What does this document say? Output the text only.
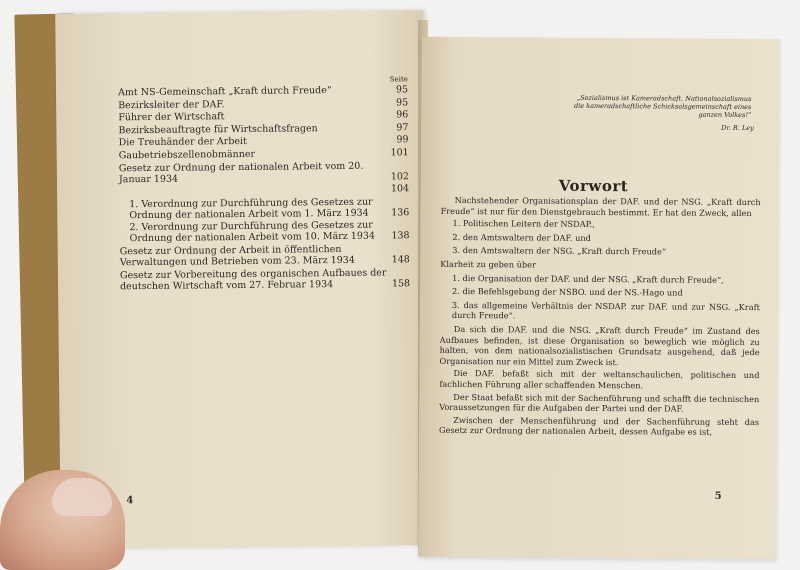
Seite
Amt NS-Gemeinschaft „Kraft durch Freude“	95
Bezirksleiter der DAF.	95
Führer der Wirtschaft	96
Bezirksbeauftragte für Wirtschaftsfragen	97
Die Treuhänder der Arbeit	99
Gaubetriebszellenobmänner	101
Gesetz zur Ordnung der nationalen Arbeit vom 20. Januar 1934	102
104
1. Verordnung zur Durchführung des Gesetzes zur Ordnung der nationalen Arbeit vom 1. März 1934	136
2. Verordnung zur Durchführung des Gesetzes zur Ordnung der nationalen Arbeit vom 10. März 1934	138
Gesetz zur Ordnung der Arbeit in öffentlichen Verwaltungen und Betrieben vom 23. März 1934	148
Gesetz zur Vorbereitung des organischen Aufbaues der deutschen Wirtschaft vom 27. Februar 1934	158
4
„Sozialismus ist Kameradschaft. Nationalsozialismus die kameradschaftliche Schicksalsgemeinschaft eines ganzen Volkes!“
Dr. R. Ley
Vorwort

Nachstehender Organisationsplan der DAF. und der NSG. „Kraft durch Freude“ ist nur für den Dienstgebrauch bestimmt. Er hat den Zweck, allen

1. Politischen Leitern der NSDAP.,
2. den Amtswaltern der DAF. und
3. den Amtswaltern der NSG. „Kraft durch Freude“
Klarheit zu geben über
1. die Organisation der DAF. und der NSG. „Kraft durch Freude“,
2. die Befehlsgebung der NSBO. und der NS.-Hago und
3. das allgemeine Verhältnis der NSDAP. zur DAF. und zur NSG. „Kraft durch Freude“.

Da sich die DAF. und die NSG. „Kraft durch Freude“ im Zustand des Aufbaues befinden, ist diese Organisation so beweglich wie möglich zu halten, von dem nationalsozialistischen Grundsatz ausgehend, daß jede Organisation nur ein Mittel zum Zweck ist.

Die DAF. befaßt sich mit der weltanschaulichen, politischen und fachlichen Führung aller schaffenden Menschen.

Der Staat befaßt sich mit der Sachenführung und schafft die technischen Voraussetzungen für die Aufgaben der Partei und der DAF.

Zwischen der Menschenführung und der Sachenführung steht das Gesetz zur Ordnung der nationalen Arbeit, dessen Aufgabe es ist,

5
